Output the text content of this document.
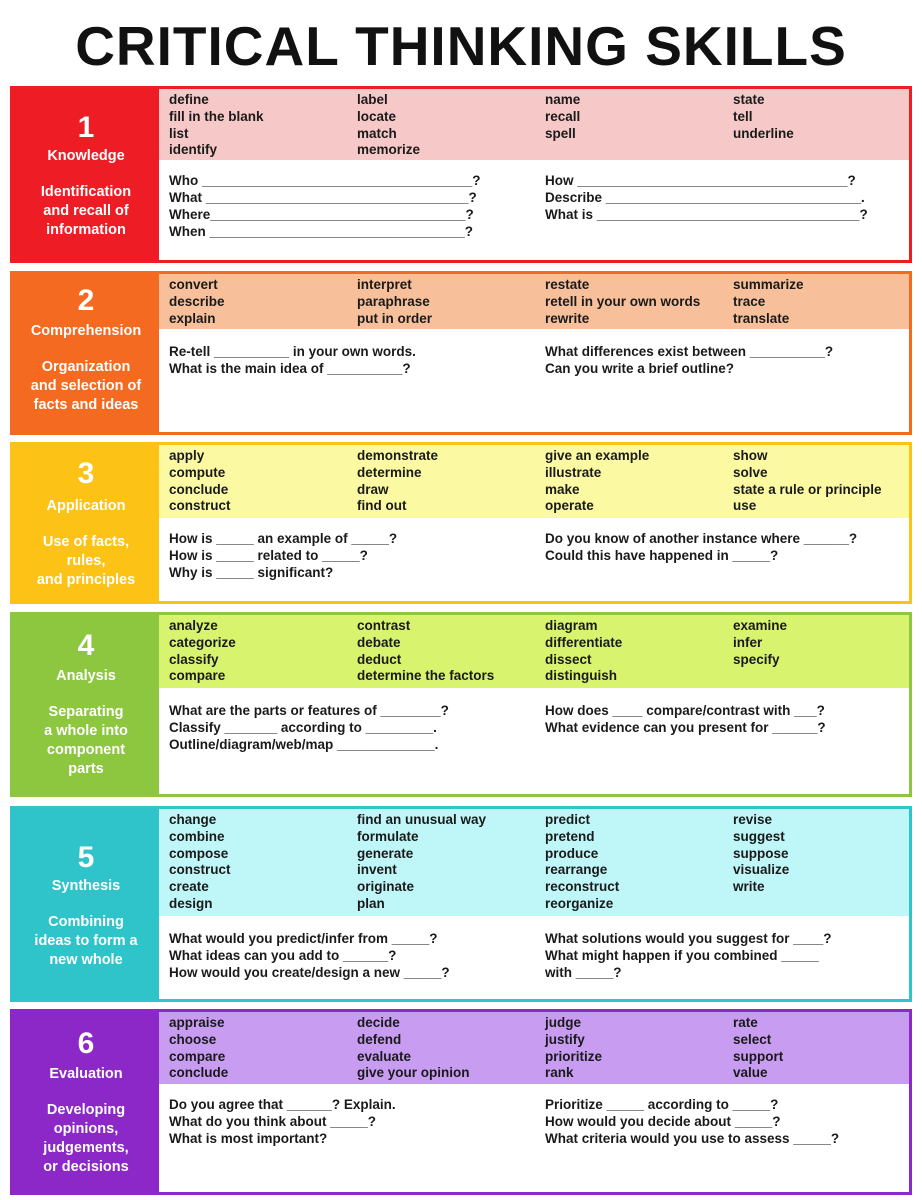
CRITICAL THINKING SKILLS
1
Knowledge
Identification
and recall of
information
define
fill in the blank
list
identify
label
locate
match
memorize
name
recall
spell
state
tell
underline
Who ____________________________________?
What ___________________________________?
Where__________________________________?
When __________________________________?
How ____________________________________?
Describe __________________________________.
What is ___________________________________?
2
Comprehension
Organization
and selection of
facts and ideas
convert
describe
explain
interpret
paraphrase
put in order
restate
retell in your own words
rewrite
summarize
trace
translate
Re-tell __________ in your own words.
What is the main idea of __________?
What differences exist between __________?
Can you write a brief outline?
3
Application
Use of facts,
rules,
and principles
apply
compute
conclude
construct
demonstrate
determine
draw
find out
give an example
illustrate
make
operate
show
solve
state a rule or principle
use
How is _____ an example of _____?
How is _____ related to _____?
Why is _____ significant?
Do you know of another instance where ______?
Could this have happened in _____?
4
Analysis
Separating
a whole into
component
parts
analyze
categorize
classify
compare
contrast
debate
deduct
determine the factors
diagram
differentiate
dissect
distinguish
examine
infer
specify
What are the parts or features of ________?
Classify _______ according to _________.
Outline/diagram/web/map _____________.
How does ____ compare/contrast with ___?
What evidence can you present for ______?
5
Synthesis
Combining
ideas to form a
new whole
change
combine
compose
construct
create
design
find an unusual way
formulate
generate
invent
originate
plan
predict
pretend
produce
rearrange
reconstruct
reorganize
revise
suggest
suppose
visualize
write
What would you predict/infer from _____?
What ideas can you add to ______?
How would you create/design a new _____?
What solutions would you suggest for ____?
What might happen if you combined _____
with _____?
6
Evaluation
Developing
opinions,
judgements,
or decisions
appraise
choose
compare
conclude
decide
defend
evaluate
give your opinion
judge
justify
prioritize
rank
rate
select
support
value
Do you agree that ______? Explain.
What do you think about _____?
What is most important?
Prioritize _____ according to _____?
How would you decide about _____?
What criteria would you use to assess _____?
